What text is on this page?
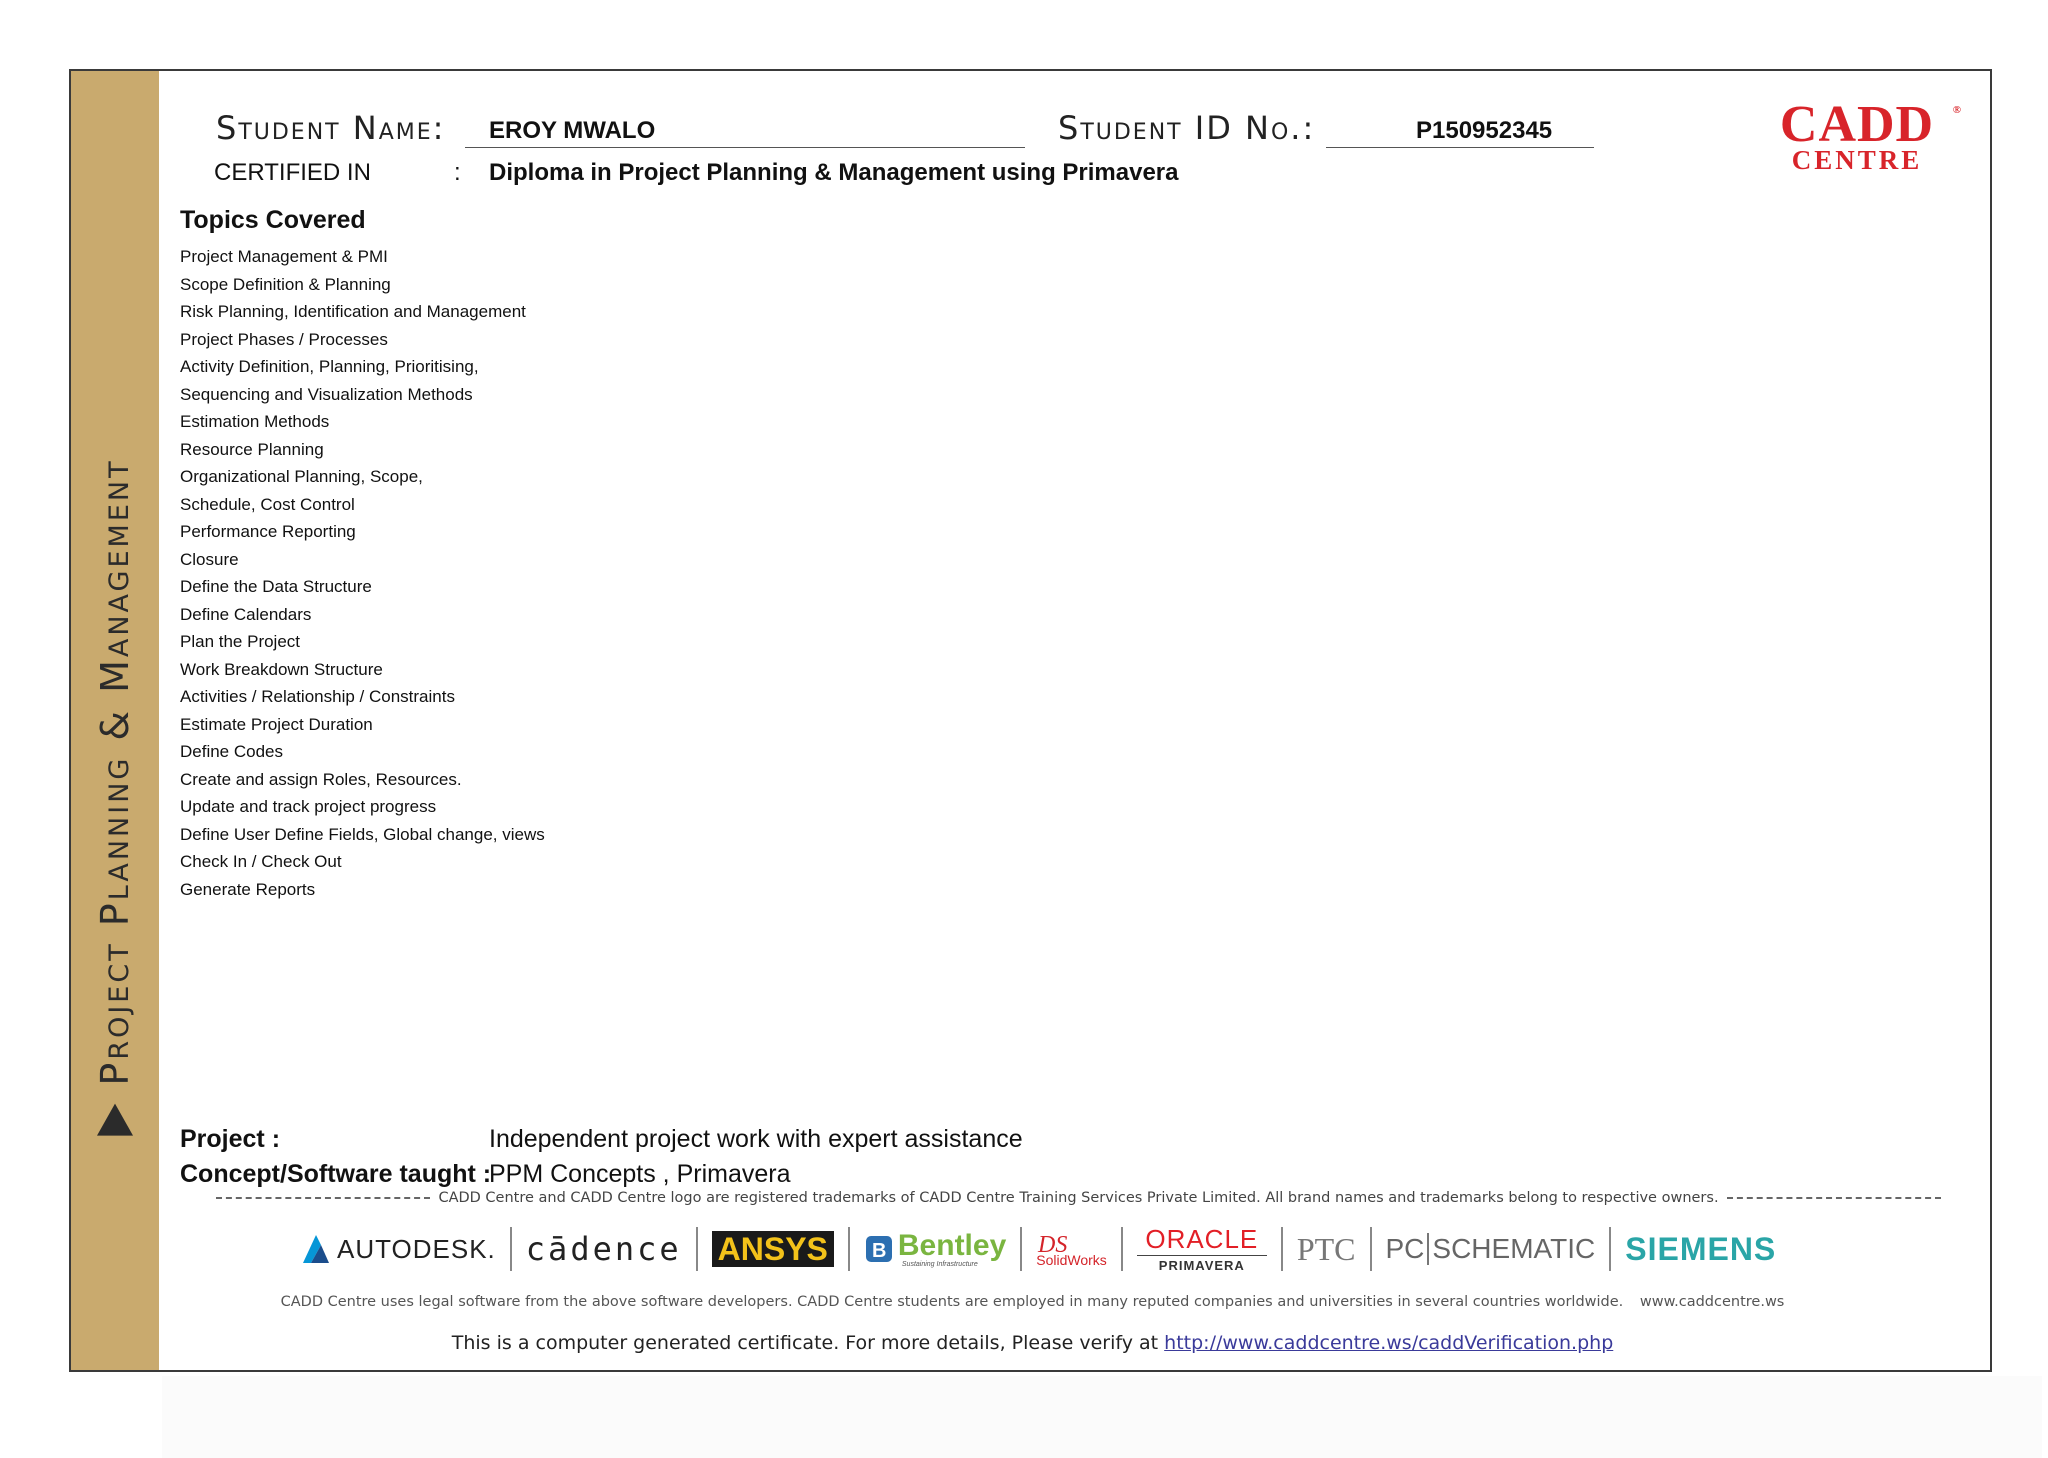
Project Planning & Management
Student Name: EROY MWALO	Student ID No.:	P150952345
CERTIFIED IN	: Diploma in Project Planning & Management using Primavera
CADD
CENTRE
®
Topics Covered
Project Management & PMI
Scope Definition & Planning
Risk Planning, Identification and Management
Project Phases / Processes
Activity Definition, Planning, Prioritising,
Sequencing and Visualization Methods
Estimation Methods
Resource Planning
Organizational Planning, Scope,
Schedule, Cost Control
Performance Reporting
Closure
Define the Data Structure
Define Calendars
Plan the Project
Work Breakdown Structure
Activities / Relationship / Constraints
Estimate Project Duration
Define Codes
Create and assign Roles, Resources.
Update and track project progress
Define User Define Fields, Global change, views
Check In / Check Out
Generate Reports
Project :	Independent project work with expert assistance
Concept/Software taught :
PPM Concepts , Primavera
CADD Centre and CADD Centre logo are registered trademarks of CADD Centre Training Services Private Limited. All brand names and trademarks belong to respective owners.
AUTODESK. cādence ANSYS	B Bentley
Sustaining Infrastructure
DS
SolidWorks
ORACLE
PRIMAVERA PTC PC SCHEMATIC SIEMENS
CADD Centre uses legal software from the above software developers. CADD Centre students are employed in many reputed companies and universities in several countries worldwide. www.caddcentre.ws
This is a computer generated certificate. For more details, Please verify at http://www.caddcentre.ws/caddVerification.php
